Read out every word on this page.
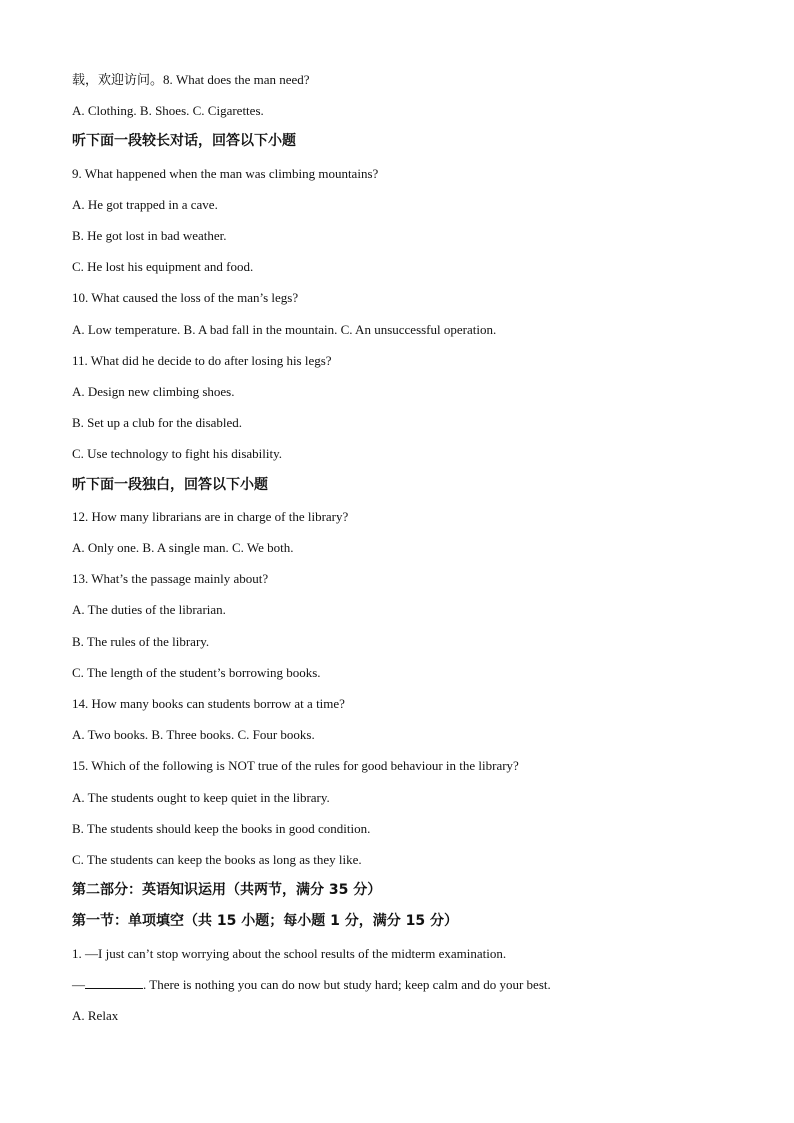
载，欢迎访问。8. What does the man need?
A. Clothing. B. Shoes. C. Cigarettes.
听下面一段较长对话，回答以下小题
9. What happened when the man was climbing mountains?
A. He got trapped in a cave.
B. He got lost in bad weather.
C. He lost his equipment and food.
10. What caused the loss of the man’s legs?
A. Low temperature. B. A bad fall in the mountain. C. An unsuccessful operation.
11. What did he decide to do after losing his legs?
A. Design new climbing shoes.
B. Set up a club for the disabled.
C. Use technology to fight his disability.
听下面一段独白，回答以下小题
12. How many librarians are in charge of the library?
A. Only one. B. A single man. C. We both.
13. What’s the passage mainly about?
A. The duties of the librarian.
B. The rules of the library.
C. The length of the student’s borrowing books.
14. How many books can students borrow at a time?
A. Two books. B. Three books. C. Four books.
15. Which of the following is NOT true of the rules for good behaviour in the library?
A. The students ought to keep quiet in the library.
B. The students should keep the books in good condition.
C. The students can keep the books as long as they like.
第二部分：英语知识运用（共两节，满分 35 分）
第一节：单项填空（共 15 小题；每小题 1 分，满分 15 分）
1. —I just can’t stop worrying about the school results of the midterm examination.
—	. There is nothing you can do now but study hard; keep calm and do your best.
A. Relax
